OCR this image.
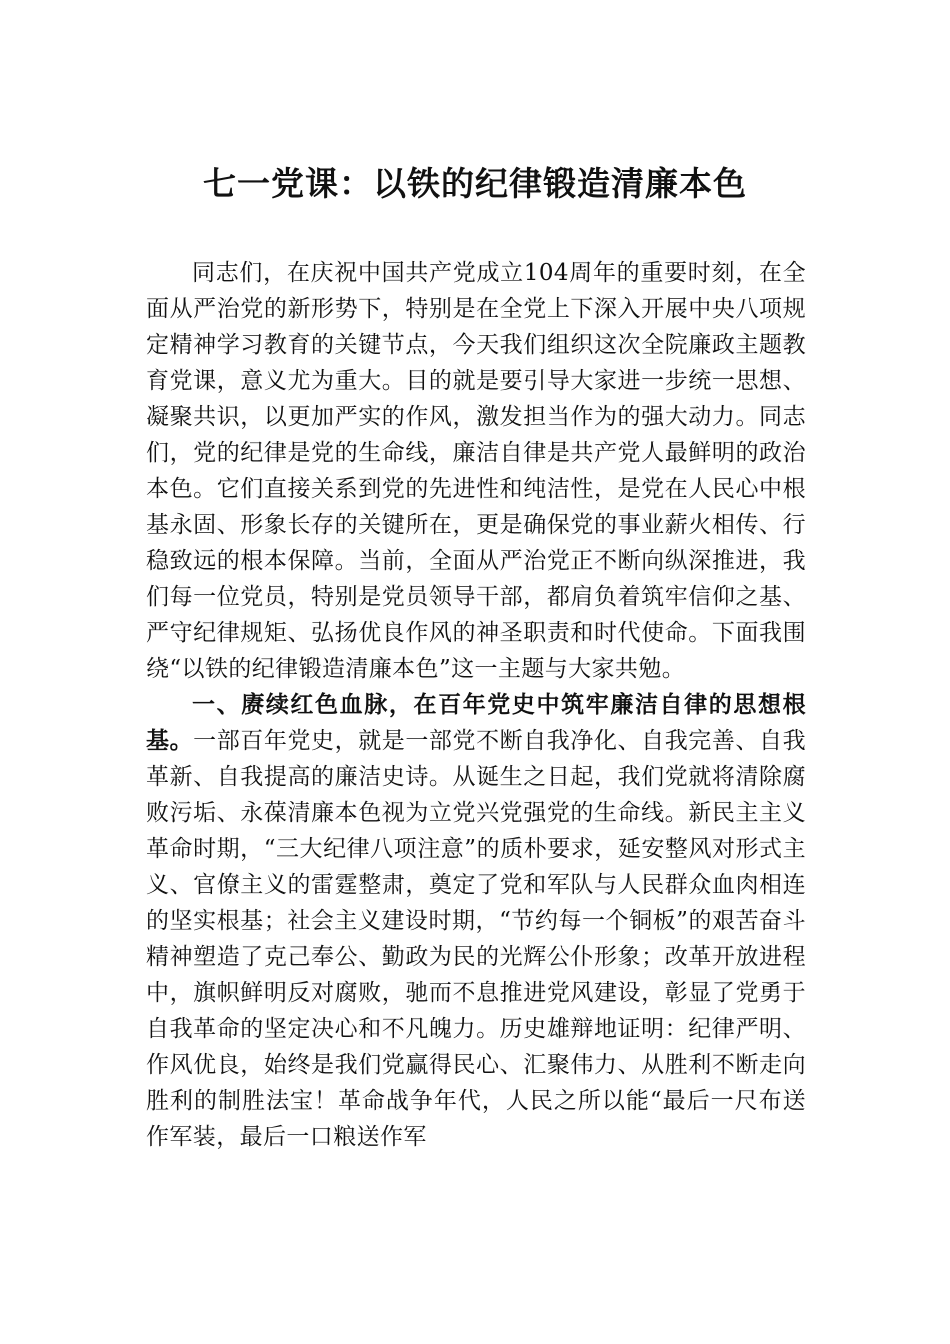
七一党课：以铁的纪律锻造清廉本色

同志们，在庆祝中国共产党成立104周年的重要时刻，在全面从严治党的新形势下，特别是在全党上下深入开展中央八项规定精神学习教育的关键节点，今天我们组织这次全院廉政主题教育党课，意义尤为重大。目的就是要引导大家进一步统一思想、凝聚共识，以更加严实的作风，激发担当作为的强大动力。同志们，党的纪律是党的生命线，廉洁自律是共产党人最鲜明的政治本色。它们直接关系到党的先进性和纯洁性，是党在人民心中根基永固、形象长存的关键所在，更是确保党的事业薪火相传、行稳致远的根本保障。当前，全面从严治党正不断向纵深推进，我们每一位党员，特别是党员领导干部，都肩负着筑牢信仰之基、严守纪律规矩、弘扬优良作风的神圣职责和时代使命。下面我围绕“以铁的纪律锻造清廉本色”这一主题与大家共勉。

一、赓续红色血脉，在百年党史中筑牢廉洁自律的思想根基。一部百年党史，就是一部党不断自我净化、自我完善、自我革新、自我提高的廉洁史诗。从诞生之日起，我们党就将清除腐败污垢、永葆清廉本色视为立党兴党强党的生命线。新民主主义革命时期，“三大纪律八项注意”的质朴要求，延安整风对形式主义、官僚主义的雷霆整肃，奠定了党和军队与人民群众血肉相连的坚实根基；社会主义建设时期，“节约每一个铜板”的艰苦奋斗精神塑造了克己奉公、勤政为民的光辉公仆形象；改革开放进程中，旗帜鲜明反对腐败，驰而不息推进党风建设，彰显了党勇于自我革命的坚定决心和不凡魄力。历史雄辩地证明：纪律严明、作风优良，始终是我们党赢得民心、汇聚伟力、从胜利不断走向胜利的制胜法宝！革命战争年代，人民之所以能“最后一尺布送作军装，最后一口粮送作军
